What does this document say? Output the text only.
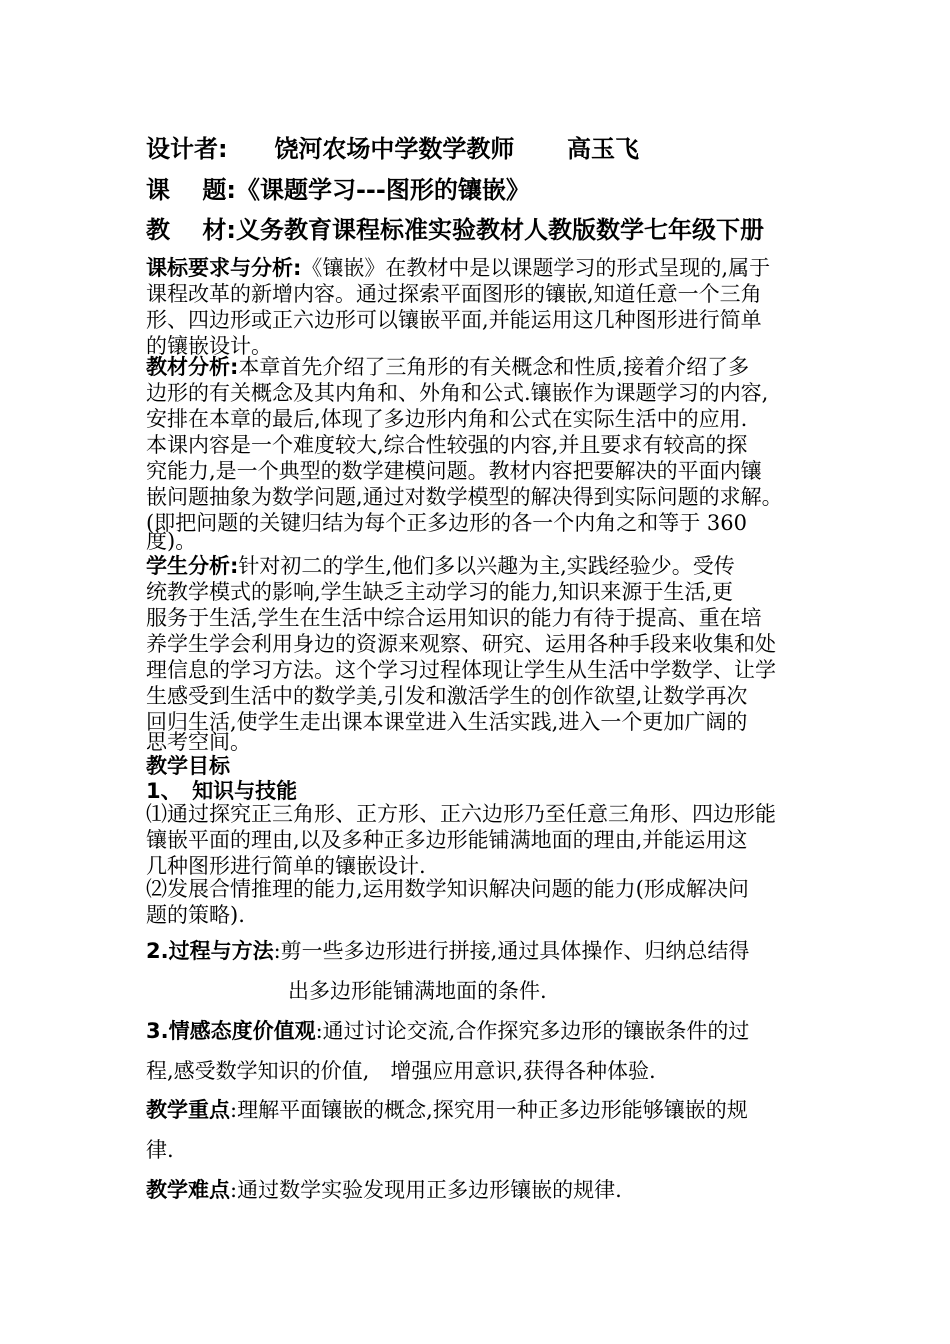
设计者: 饶河农场中学数学教师 高玉飞
课　 题:《课题学习---图形的镶嵌》
教　 材:义务教育课程标准实验教材人教版数学七年级下册
课标要求与分析:《镶嵌》在教材中是以课题学习的形式呈现的,属于
课程改革的新增内容。通过探索平面图形的镶嵌,知道任意一个三角
形、四边形或正六边形可以镶嵌平面,并能运用这几种图形进行简单
的镶嵌设计。
教材分析:本章首先介绍了三角形的有关概念和性质,接着介绍了多
边形的有关概念及其内角和、外角和公式.镶嵌作为课题学习的内容,
安排在本章的最后,体现了多边形内角和公式在实际生活中的应用.
本课内容是一个难度较大,综合性较强的内容,并且要求有较高的探
究能力,是一个典型的数学建模问题。教材内容把要解决的平面内镶
嵌问题抽象为数学问题,通过对数学模型的解决得到实际问题的求解。
(即把问题的关键归结为每个正多边形的各一个内角之和等于 360
度)。
学生分析:针对初二的学生,他们多以兴趣为主,实践经验少。受传
统教学模式的影响,学生缺乏主动学习的能力,知识来源于生活,更
服务于生活,学生在生活中综合运用知识的能力有待于提高、重在培
养学生学会利用身边的资源来观察、研究、运用各种手段来收集和处
理信息的学习方法。这个学习过程体现让学生从生活中学数学、让学
生感受到生活中的数学美,引发和激活学生的创作欲望,让数学再次
回归生活,使学生走出课本课堂进入生活实践,进入一个更加广阔的
思考空间。
教学目标
1、　知识与技能
⑴通过探究正三角形、正方形、正六边形乃至任意三角形、四边形能
镶嵌平面的理由,以及多种正多边形能铺满地面的理由,并能运用这
几种图形进行简单的镶嵌设计.
⑵发展合情推理的能力,运用数学知识解决问题的能力(形成解决问
题的策略).
2.过程与方法:剪一些多边形进行拼接,通过具体操作、归纳总结得
出多边形能铺满地面的条件.
3.情感态度价值观:通过讨论交流,合作探究多边形的镶嵌条件的过
程,感受数学知识的价值,　增强应用意识,获得各种体验.
教学重点:理解平面镶嵌的概念,探究用一种正多边形能够镶嵌的规
律.
教学难点:通过数学实验发现用正多边形镶嵌的规律.
